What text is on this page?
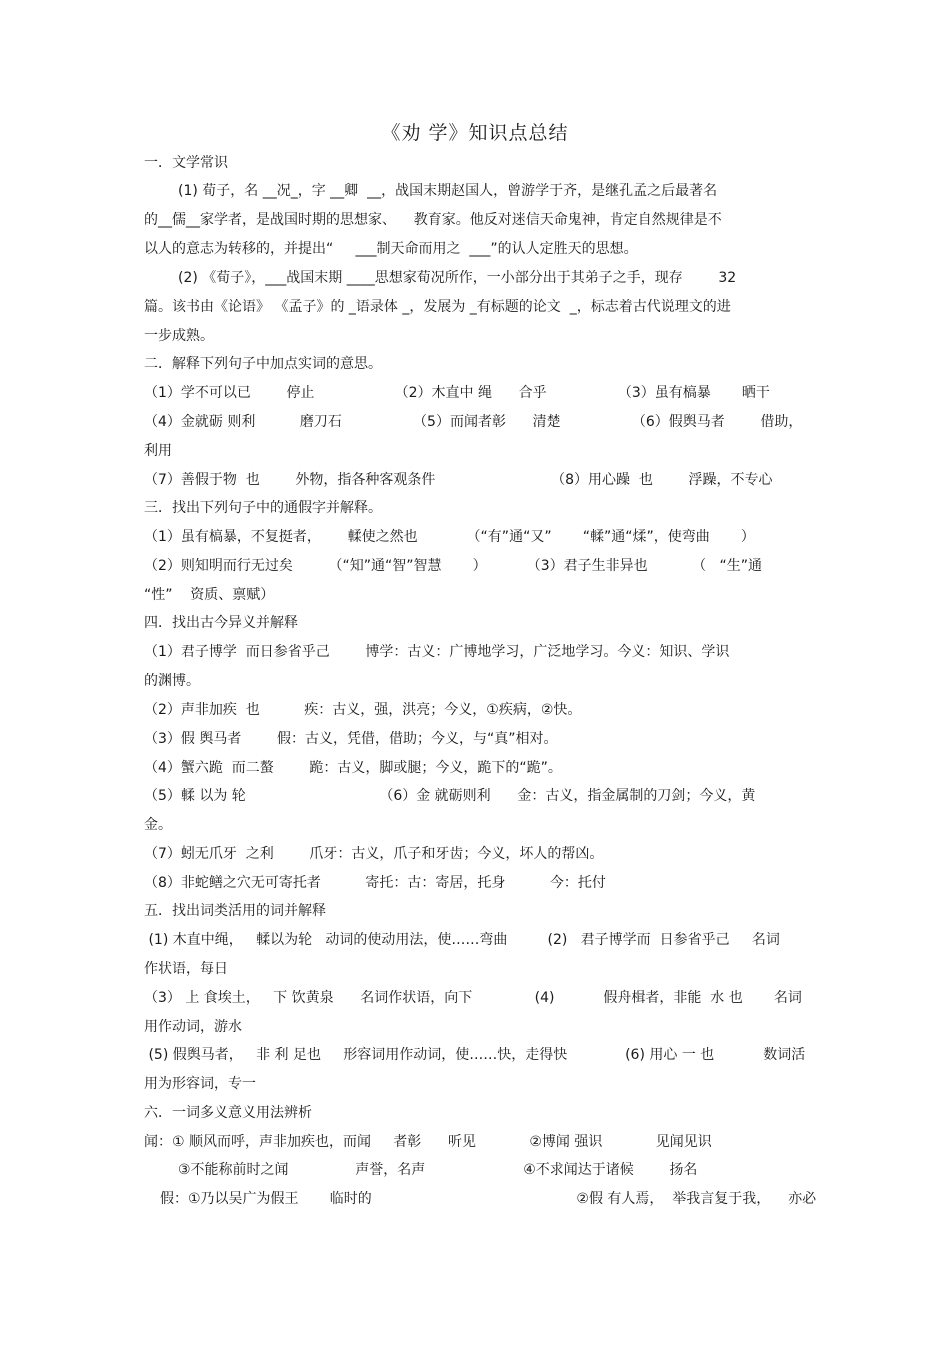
《劝 学》知识点总结
一．文学常识
(1) 荀子，名 __况_，字 __卿  __，战国末期赵国人，曾游学于齐，是继孔孟之后最著名
的__儒__家学者，是战国时期的思想家、    教育家。他反对迷信天命鬼神，肯定自然规律是不
以人的意志为转移的，并提出“     ___制天命而用之  ___”的认人定胜天的思想。
(2) 《荀子》，___战国末期 ____思想家荀况所作，一小部分出于其弟子之手，现存        32
篇。该书由《论语》 《孟子》的 _语录体 _，发展为 _有标题的论文  _，标志着古代说理文的进
一步成熟。
二．解释下列句子中加点实词的意思。
（1）学不可以已        停止                  （2）木直中 绳      合乎                （3）虽有槁暴       晒干
（4）金就砺 则利          磨刀石                （5）而闻者彰      清楚                （6）假舆马者        借助，
利用
（7）善假于物  也        外物，指各种客观条件                          （8）用心躁  也        浮躁，不专心
三．找出下列句子中的通假字并解释。
（1）虽有槁暴，不复挺者，      輮使之然也           （“有”通“又”       “輮”通“煣”，使弯曲       ）
（2）则知明而行无过矣        （“知”通“智”智慧       ）         （3）君子生非异也          （   “生”通
“性”    资质、禀赋）
四．找出古今异义并解释
（1）君子博学  而日参省乎己        博学：古义：广博地学习，广泛地学习。今义：知识、学识
的渊博。
（2）声非加疾  也          疾：古义，强，洪亮；今义，①疾病，②快。
（3）假 舆马者        假：古义，凭借，借助；今义，与“真”相对。
（4）蟹六跪  而二螯        跪：古义，脚或腿；今义，跪下的“跪”。
（5）輮 以为 轮                              （6）金 就砺则利      金：古义，指金属制的刀剑；今义，黄
金。
（7）蚓无爪牙  之利        爪牙：古义，爪子和牙齿；今义，坏人的帮凶。
（8）非蛇鳝之穴无可寄托者          寄托：古：寄居，托身          今：托付
五．找出词类活用的词并解释
(1) 木直中绳，   輮以为轮   动词的使动用法，使……弯曲         (2)   君子博学而  日参省乎己     名词
作状语，每日
（3） 上 食埃土，   下 饮黄泉      名词作状语，向下              (4)           假舟楫者，非能  水 也       名词
用作动词，游水
(5) 假舆马者，   非 利 足也     形容词用作动词，使……快，走得快             (6) 用心 一 也           数词活
用为形容词，专一
六．一词多义意义用法辨析
闻：① 顺风而呼，声非加疾也，而闻     者彰      听见            ②博闻 强识            见闻见识
③不能称前时之闻               声誉，名声                      ④不求闻达于诸候        扬名
假：①乃以吴广为假王       临时的                                              ②假 有人焉，  举我言复于我，    亦必
